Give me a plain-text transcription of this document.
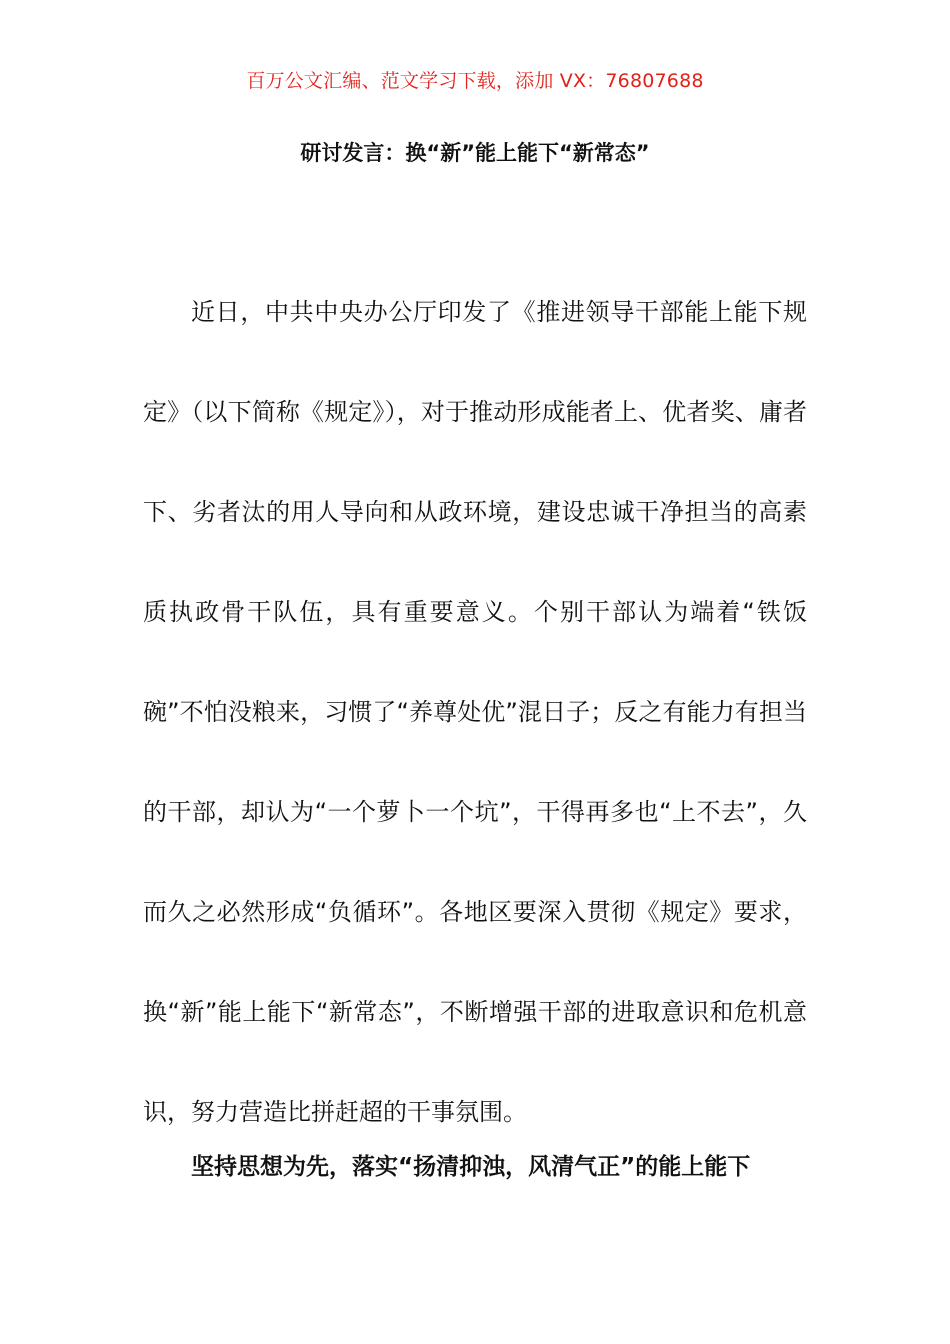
百万公文汇编、范文学习下载，添加 VX：76807688
研讨发言：换“新”能上能下“新常态”

近日，中共中央办公厅印发了《推进领导干部能上能下规定》（以下简称《规定》），对于推动形成能者上、优者奖、庸者下、劣者汰的用人导向和从政环境，建设忠诚干净担当的高素质执政骨干队伍，具有重要意义。个别干部认为端着“铁饭碗”不怕没粮来，习惯了“养尊处优”混日子；反之有能力有担当的干部，却认为“一个萝卜一个坑”，干得再多也“上不去”，久而久之必然形成“负循环”。各地区要深入贯彻《规定》要求，换“新”能上能下“新常态”，不断增强干部的进取意识和危机意识，努力营造比拼赶超的干事氛围。

坚持思想为先，落实“扬清抑浊，风清气正”的能上能下
